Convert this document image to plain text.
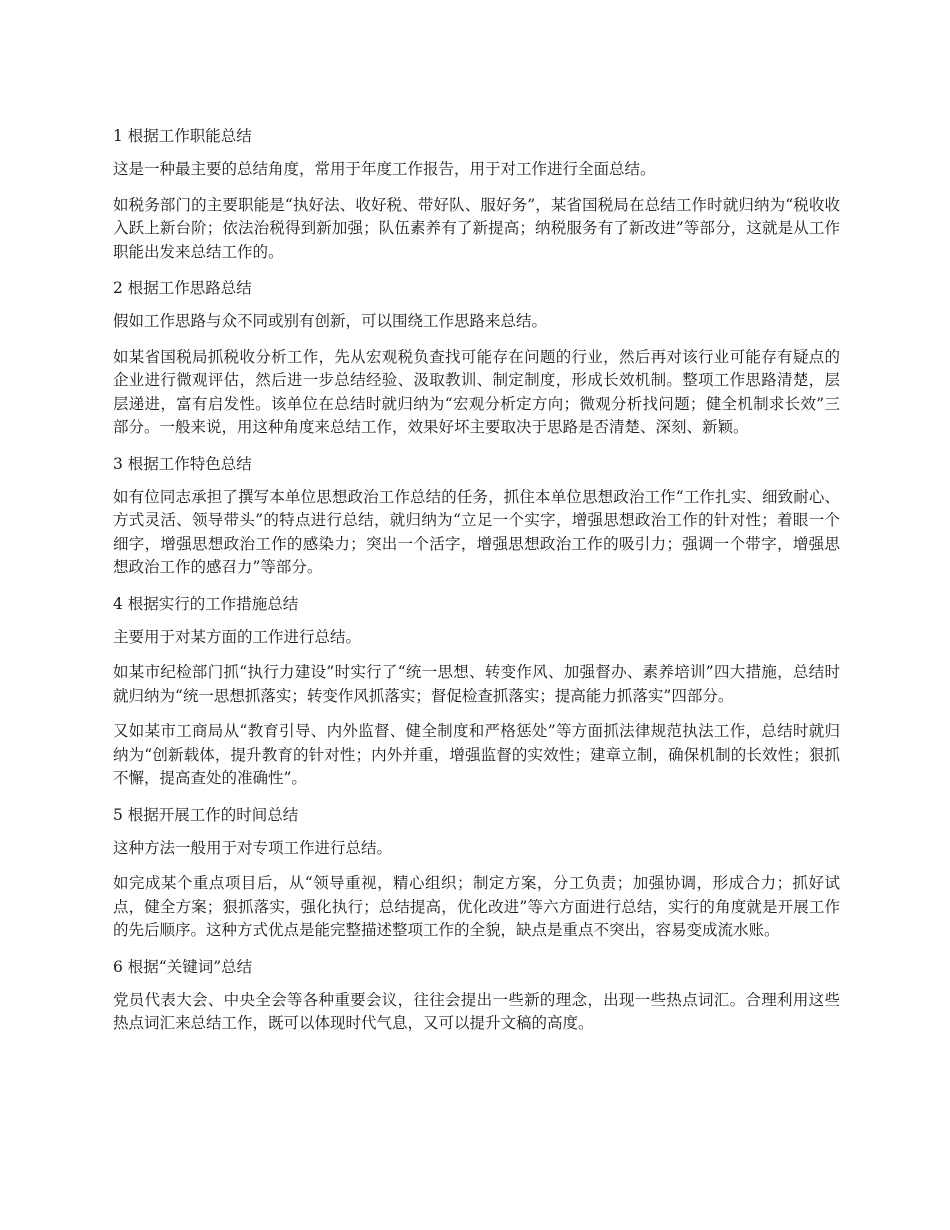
1 根据工作职能总结
这是一种最主要的总结角度，常用于年度工作报告，用于对工作进行全面总结。
如税务部门的主要职能是“执好法、收好税、带好队、服好务”，某省国税局在总结工作时就归纳为“税收收入跃上新台阶；依法治税得到新加强；队伍素养有了新提高；纳税服务有了新改进”等部分，这就是从工作职能出发来总结工作的。
2 根据工作思路总结
假如工作思路与众不同或别有创新，可以围绕工作思路来总结。
如某省国税局抓税收分析工作，先从宏观税负查找可能存在问题的行业，然后再对该行业可能存有疑点的企业进行微观评估，然后进一步总结经验、汲取教训、制定制度，形成长效机制。整项工作思路清楚，层层递进，富有启发性。该单位在总结时就归纳为“宏观分析定方向；微观分析找问题；健全机制求长效”三部分。一般来说，用这种角度来总结工作，效果好坏主要取决于思路是否清楚、深刻、新颖。
3 根据工作特色总结
如有位同志承担了撰写本单位思想政治工作总结的任务，抓住本单位思想政治工作“工作扎实、细致耐心、方式灵活、领导带头”的特点进行总结，就归纳为“立足一个实字，增强思想政治工作的针对性；着眼一个细字，增强思想政治工作的感染力；突出一个活字，增强思想政治工作的吸引力；强调一个带字，增强思想政治工作的感召力”等部分。
4 根据实行的工作措施总结
主要用于对某方面的工作进行总结。
如某市纪检部门抓“执行力建设”时实行了“统一思想、转变作风、加强督办、素养培训”四大措施，总结时就归纳为“统一思想抓落实；转变作风抓落实；督促检查抓落实；提高能力抓落实”四部分。
又如某市工商局从“教育引导、内外监督、健全制度和严格惩处”等方面抓法律规范执法工作，总结时就归纳为“创新载体，提升教育的针对性；内外并重，增强监督的实效性；建章立制，确保机制的长效性；狠抓不懈，提高查处的准确性”。
5 根据开展工作的时间总结
这种方法一般用于对专项工作进行总结。
如完成某个重点项目后，从“领导重视，精心组织；制定方案，分工负责；加强协调，形成合力；抓好试点，健全方案；狠抓落实，强化执行；总结提高，优化改进”等六方面进行总结，实行的角度就是开展工作的先后顺序。这种方式优点是能完整描述整项工作的全貌，缺点是重点不突出，容易变成流水账。
6 根据“关键词”总结
党员代表大会、中央全会等各种重要会议，往往会提出一些新的理念，出现一些热点词汇。合理利用这些热点词汇来总结工作，既可以体现时代气息，又可以提升文稿的高度。
